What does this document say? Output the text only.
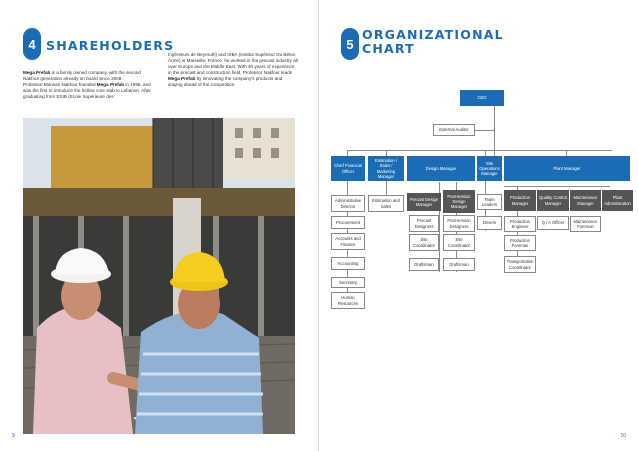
4 SHAREHOLDERS

Mega Prefab is a family owned company, with the second Nakfour generation already on board since 2008.

Professor Marwan Nakfour founded Mega Prefab in 1995, and was the first to introduce the hollow core slab to Lebanon. After graduating from ESIB (Ecole Supérieure des

Ingénieurs de Beyrouth) and ISBA (Institut Supérieur Du Béton Armé) in Marseille, France, he worked in the precast industry all over Europe and the Middle East. With 40 years of experience in the precast and construction field, Professor Nakfour leads Mega Prefab by innovating the company's products and staying ahead of the competition.

9
5
ORGANIZATIONAL
CHART
CEO
External Auditor
Chief Financial Officer
Estimation / Sales / Marketing Manager
Design Manager
Site Operations Manager
Plant Manager
Administrative Director
Procurement
Accounts and Finance
Accounting
Secretary
Human Resources
Estimation and Sales
Precast Design Manager
Post-tension Design Manager
Precast Designers
Post-tension Designers
Site Coordinator
Site Coordinator
Draftsman	Draftsman
Team Leaders
Drivers
Production Manager
Quality Control Manager
Maintenance Manager
Plant Administration
Production Engineer
Q / A Officer	Maintenance Foreman
Production Foreman
Transportation Coordinator
10
